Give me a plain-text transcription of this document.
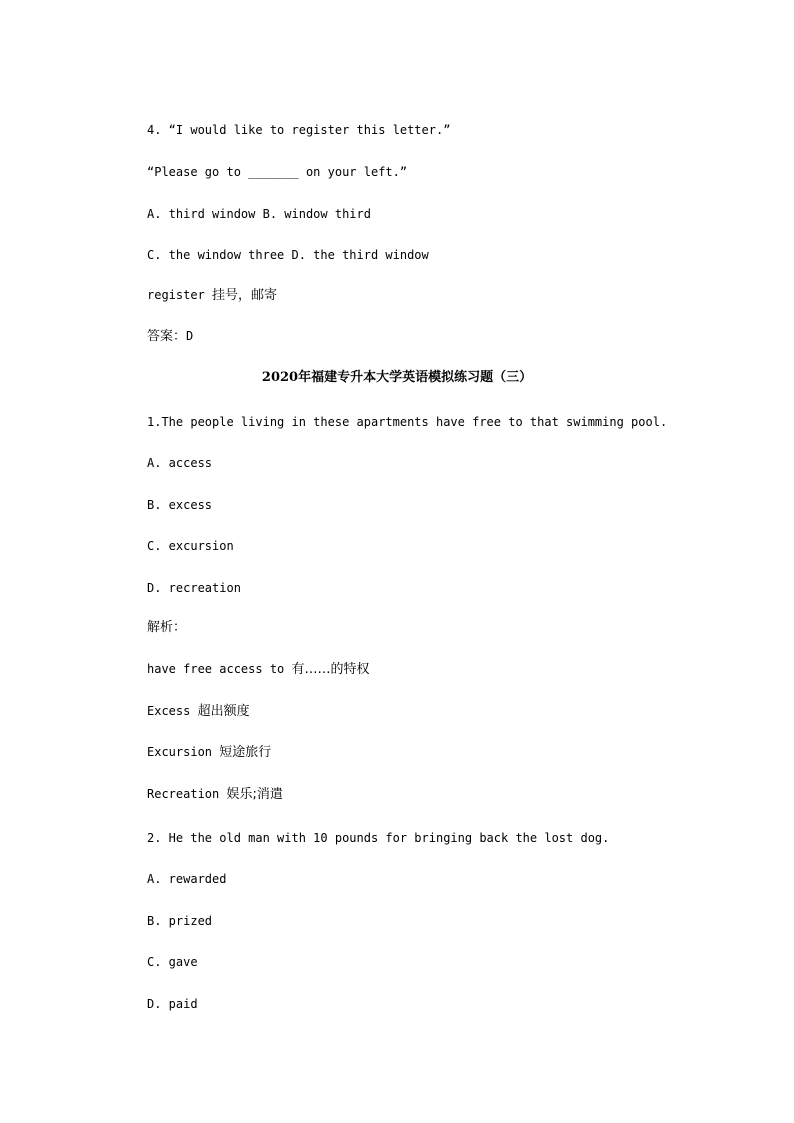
4. “I would like to register this letter.”
“Please go to _______ on your left.”
A. third window B. window third
C. the window three D. the third window
register 挂号，邮寄
答案：D
2020年福建专升本大学英语模拟练习题（三）
1.The people living in these apartments have free to that swimming pool.
A. access
B. excess
C. excursion
D. recreation
解析：
have free access to 有……的特权
Excess 超出额度
Excursion 短途旅行
Recreation 娱乐;消遣
2. He the old man with 10 pounds for bringing back the lost dog.
A. rewarded
B. prized
C. gave
D. paid
